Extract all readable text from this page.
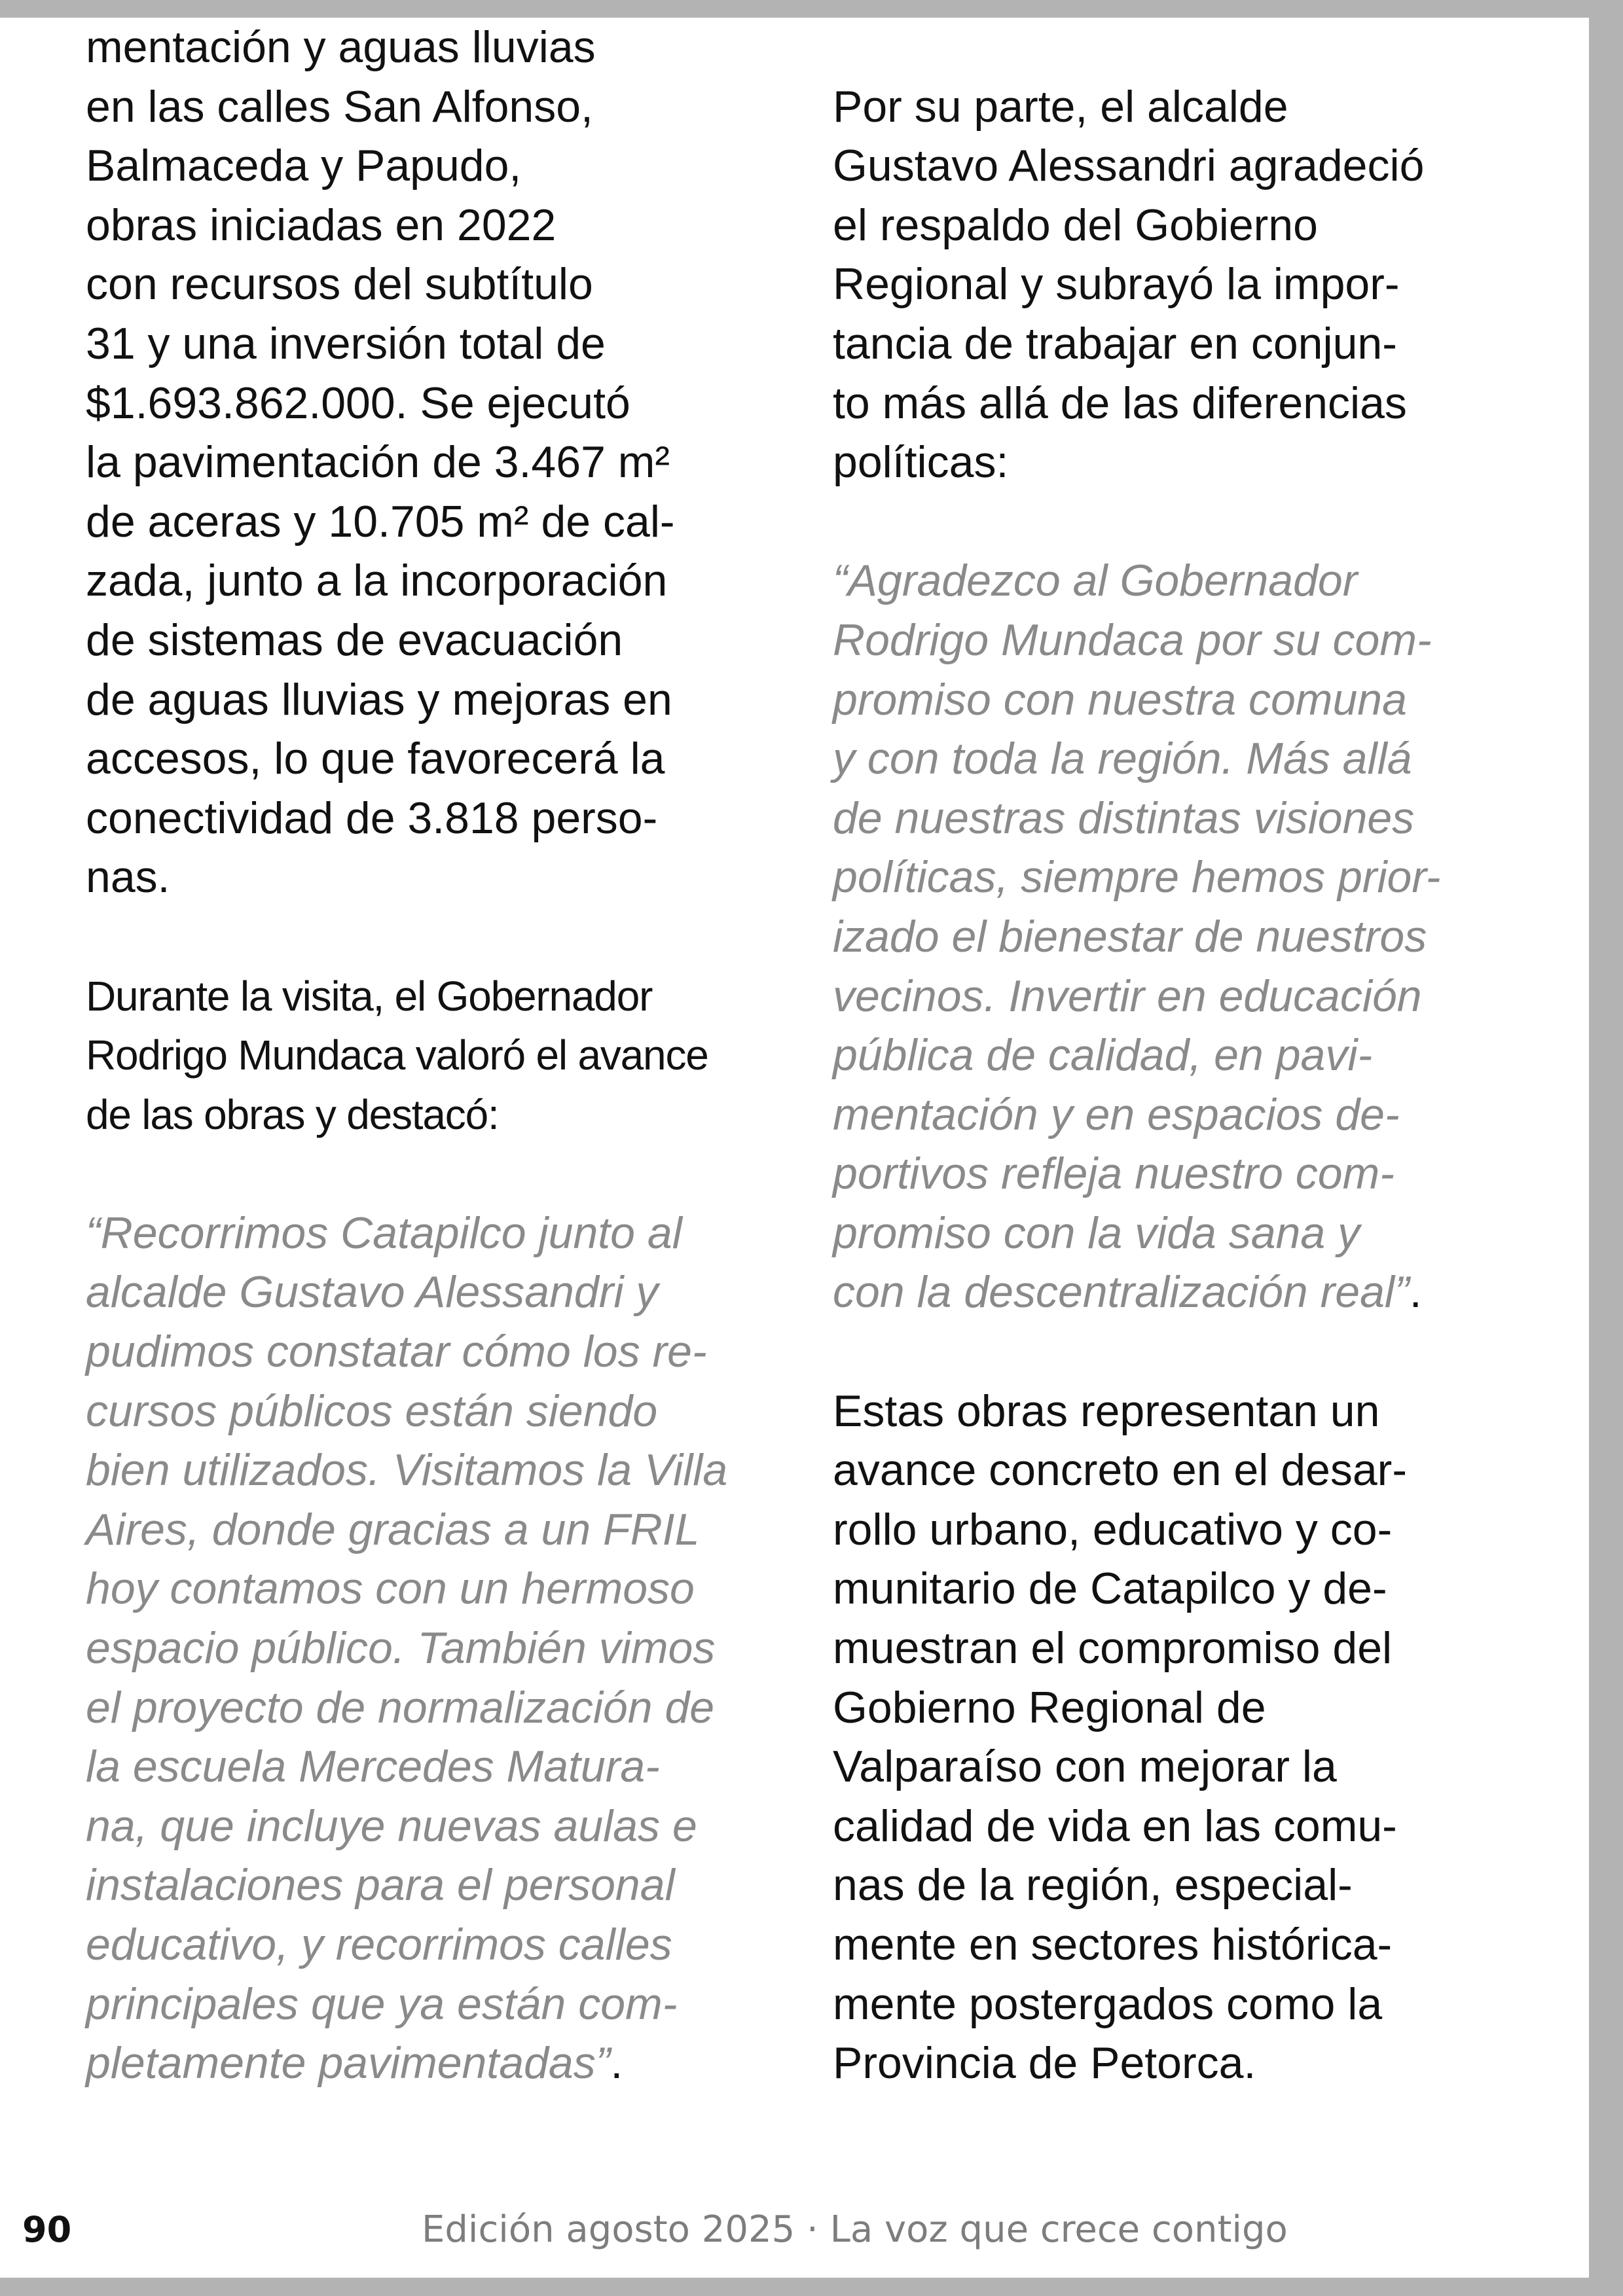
mentación y aguas lluvias
en las calles San Alfonso,
Balmaceda y Papudo,
obras iniciadas en 2022
con recursos del subtítulo
31 y una inversión total de
$1.693.862.000. Se ejecutó
la pavimentación de 3.467 m²
de aceras y 10.705 m² de cal-
zada, junto a la incorporación
de sistemas de evacuación
de aguas lluvias y mejoras en
accesos, lo que favorecerá la
conectividad de 3.818 perso-
nas.
Durante la visita, el Gobernador
Rodrigo Mundaca valoró el avance
de las obras y destacó:
“Recorrimos Catapilco junto al
alcalde Gustavo Alessandri y
pudimos constatar cómo los re-
cursos públicos están siendo
bien utilizados. Visitamos la Villa
Aires, donde gracias a un FRIL
hoy contamos con un hermoso
espacio público. También vimos
el proyecto de normalización de
la escuela Mercedes Matura-
na, que incluye nuevas aulas e
instalaciones para el personal
educativo, y recorrimos calles
principales que ya están com-
pletamente pavimentadas”.
Por su parte, el alcalde
Gustavo Alessandri agradeció
el respaldo del Gobierno
Regional y subrayó la impor-
tancia de trabajar en conjun-
to más allá de las diferencias
políticas:
“Agradezco al Gobernador
Rodrigo Mundaca por su com-
promiso con nuestra comuna
y con toda la región. Más allá
de nuestras distintas visiones
políticas, siempre hemos prior-
izado el bienestar de nuestros
vecinos. Invertir en educación
pública de calidad, en pavi-
mentación y en espacios de-
portivos refleja nuestro com-
promiso con la vida sana y
con la descentralización real”.
Estas obras representan un
avance concreto en el desar-
rollo urbano, educativo y co-
munitario de Catapilco y de-
muestran el compromiso del
Gobierno Regional de
Valparaíso con mejorar la
calidad de vida en las comu-
nas de la región, especial-
mente en sectores histórica-
mente postergados como la
Provincia de Petorca.
90	Edición agosto 2025 · La voz que crece contigo
